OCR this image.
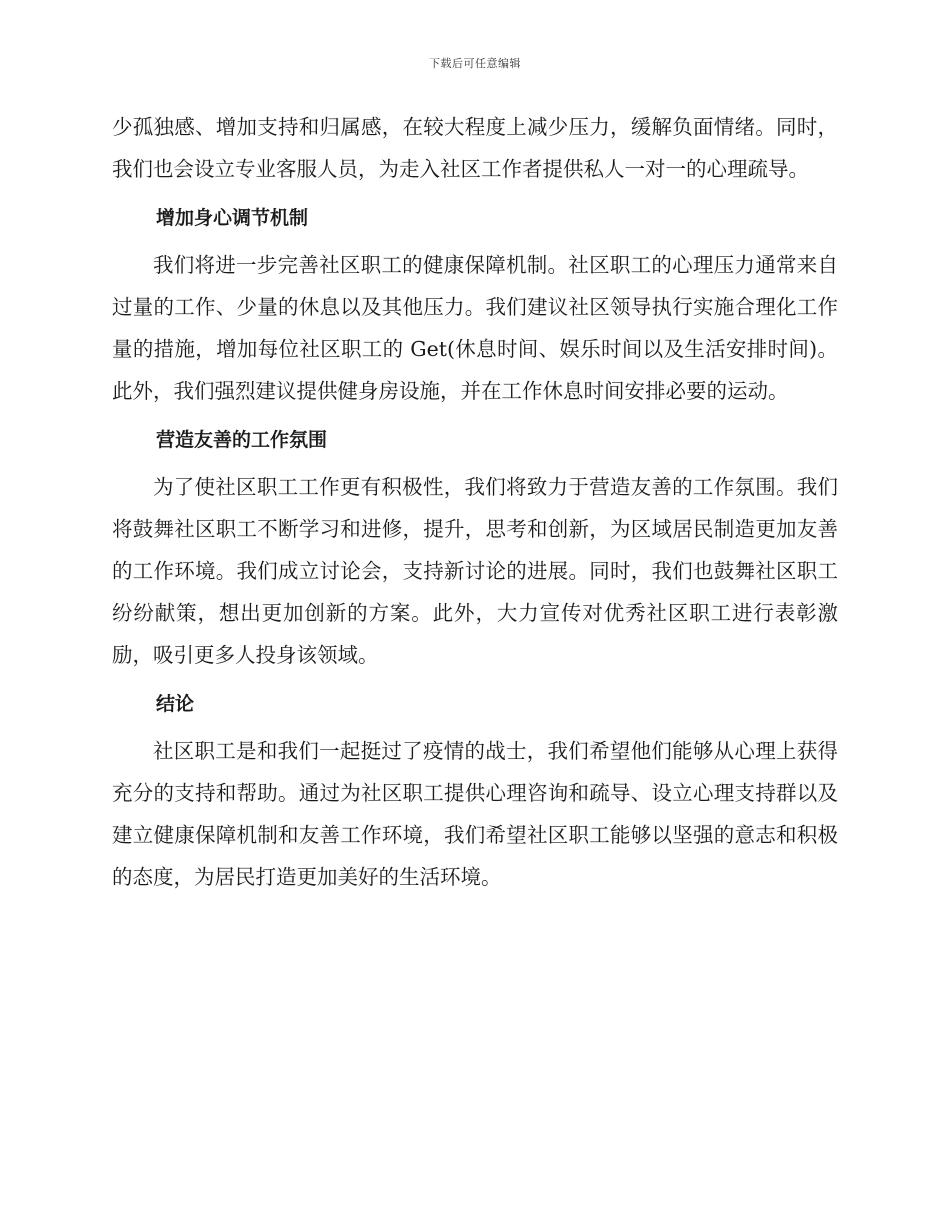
下载后可任意编辑

少孤独感、增加支持和归属感，在较大程度上减少压力，缓解负面情绪。同时，我们也会设立专业客服人员，为走入社区工作者提供私人一对一的心理疏导。

增加身心调节机制

我们将进一步完善社区职工的健康保障机制。社区职工的心理压力通常来自过量的工作、少量的休息以及其他压力。我们建议社区领导执行实施合理化工作量的措施，增加每位社区职工的 Get(休息时间、娱乐时间以及生活安排时间)。此外，我们强烈建议提供健身房设施，并在工作休息时间安排必要的运动。

营造友善的工作氛围

为了使社区职工工作更有积极性，我们将致力于营造友善的工作氛围。我们将鼓舞社区职工不断学习和进修，提升，思考和创新，为区域居民制造更加友善的工作环境。我们成立讨论会，支持新讨论的进展。同时，我们也鼓舞社区职工纷纷献策，想出更加创新的方案。此外，大力宣传对优秀社区职工进行表彰激励，吸引更多人投身该领域。

结论

社区职工是和我们一起挺过了疫情的战士，我们希望他们能够从心理上获得充分的支持和帮助。通过为社区职工提供心理咨询和疏导、设立心理支持群以及建立健康保障机制和友善工作环境，我们希望社区职工能够以坚强的意志和积极的态度，为居民打造更加美好的生活环境。
